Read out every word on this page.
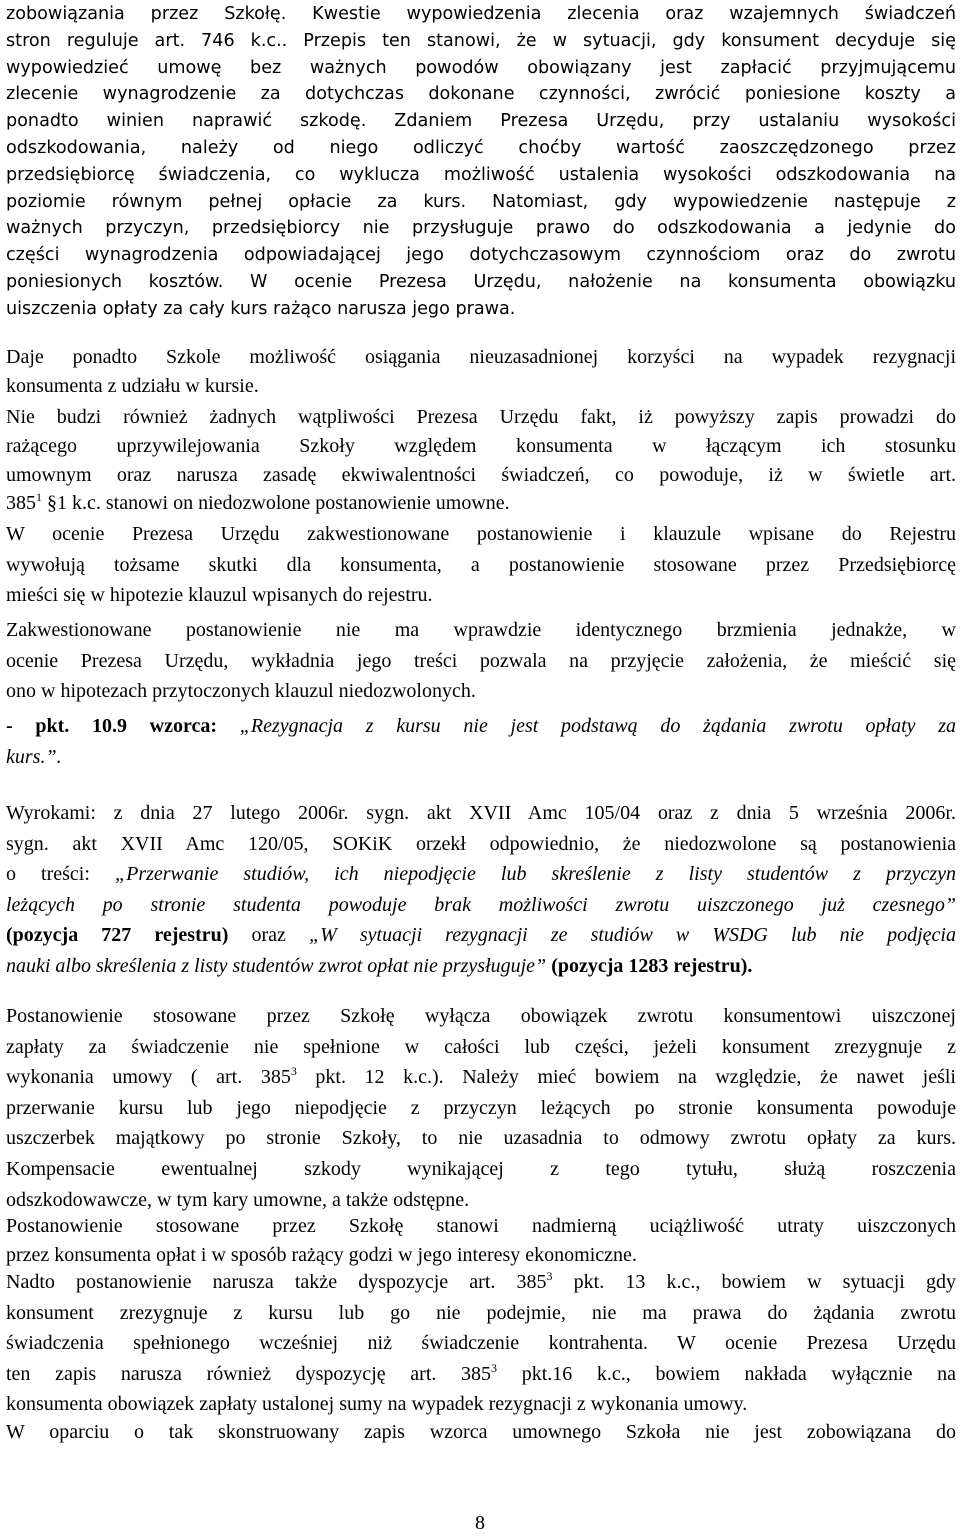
zobowiązania przez Szkołę. Kwestie wypowiedzenia zlecenia oraz wzajemnych świadczeń
stron reguluje art. 746 k.c.. Przepis ten stanowi, że w sytuacji, gdy konsument decyduje się
wypowiedzieć umowę bez ważnych powodów obowiązany jest zapłacić przyjmującemu
zlecenie wynagrodzenie za dotychczas dokonane czynności, zwrócić poniesione koszty a
ponadto winien naprawić szkodę. Zdaniem Prezesa Urzędu, przy ustalaniu wysokości
odszkodowania, należy od niego odliczyć choćby wartość zaoszczędzonego przez
przedsiębiorcę świadczenia, co wyklucza możliwość ustalenia wysokości odszkodowania na
poziomie równym pełnej opłacie za kurs. Natomiast, gdy wypowiedzenie następuje z
ważnych przyczyn, przedsiębiorcy nie przysługuje prawo do odszkodowania a jedynie do
części wynagrodzenia odpowiadającej jego dotychczasowym czynnościom oraz do zwrotu
poniesionych kosztów. W ocenie Prezesa Urzędu, nałożenie na konsumenta obowiązku
uiszczenia opłaty za cały kurs rażąco narusza jego prawa.
Daje ponadto Szkole możliwość osiągania nieuzasadnionej korzyści na wypadek rezygnacji
konsumenta z udziału w kursie.
Nie budzi również żadnych wątpliwości Prezesa Urzędu fakt, iż powyższy zapis prowadzi do
rażącego uprzywilejowania Szkoły względem konsumenta w łączącym ich stosunku
umownym oraz narusza zasadę ekwiwalentności świadczeń, co powoduje, iż w świetle art.
$385^1$ §1 k.c. stanowi on niedozwolone postanowienie umowne.
W ocenie Prezesa Urzędu zakwestionowane postanowienie i klauzule wpisane do Rejestru
wywołują tożsame skutki dla konsumenta, a postanowienie stosowane przez Przedsiębiorcę
mieści się w hipotezie klauzul wpisanych do rejestru.
Zakwestionowane postanowienie nie ma wprawdzie identycznego brzmienia jednakże, w
ocenie Prezesa Urzędu, wykładnia jego treści pozwala na przyjęcie założenia, że mieścić się
ono w hipotezach przytoczonych klauzul niedozwolonych.
- pkt. 10.9 wzorca: „Rezygnacja z kursu nie jest podstawą do żądania zwrotu opłaty za
kurs.”.
Wyrokami: z dnia 27 lutego 2006r. sygn. akt XVII Amc 105/04 oraz z dnia 5 września 2006r.
sygn. akt XVII Amc 120/05, SOKiK orzekł odpowiednio, że niedozwolone są postanowienia
o treści: „Przerwanie studiów, ich niepodjęcie lub skreślenie z listy studentów z przyczyn
leżących po stronie studenta powoduje brak możliwości zwrotu uiszczonego już czesnego”
(pozycja 727 rejestru) oraz „W sytuacji rezygnacji ze studiów w WSDG lub nie podjęcia
nauki albo skreślenia z listy studentów zwrot opłat nie przysługuje” (pozycja 1283 rejestru).
Postanowienie stosowane przez Szkołę wyłącza obowiązek zwrotu konsumentowi uiszczonej
zapłaty za świadczenie nie spełnione w całości lub części, jeżeli konsument zrezygnuje z
wykonania umowy ( art. $385^3$ pkt. 12 k.c.). Należy mieć bowiem na względzie, że nawet jeśli
przerwanie kursu lub jego niepodjęcie z przyczyn leżących po stronie konsumenta powoduje
uszczerbek majątkowy po stronie Szkoły, to nie uzasadnia to odmowy zwrotu opłaty za kurs.
Kompensacie ewentualnej szkody wynikającej z tego tytułu, służą roszczenia
odszkodowawcze, w tym kary umowne, a także odstępne.
Postanowienie stosowane przez Szkołę stanowi nadmierną uciążliwość utraty uiszczonych
przez konsumenta opłat i w sposób rażący godzi w jego interesy ekonomiczne.
Nadto postanowienie narusza także dyspozycje art. $385^3$ pkt. 13 k.c., bowiem w sytuacji gdy
konsument zrezygnuje z kursu lub go nie podejmie, nie ma prawa do żądania zwrotu
świadczenia spełnionego wcześniej niż świadczenie kontrahenta. W ocenie Prezesa Urzędu
ten zapis narusza również dyspozycję art. $385^3$ pkt.16 k.c., bowiem nakłada wyłącznie na
konsumenta obowiązek zapłaty ustalonej sumy na wypadek rezygnacji z wykonania umowy.
W oparciu o tak skonstruowany zapis wzorca umownego Szkoła nie jest zobowiązana do
8
